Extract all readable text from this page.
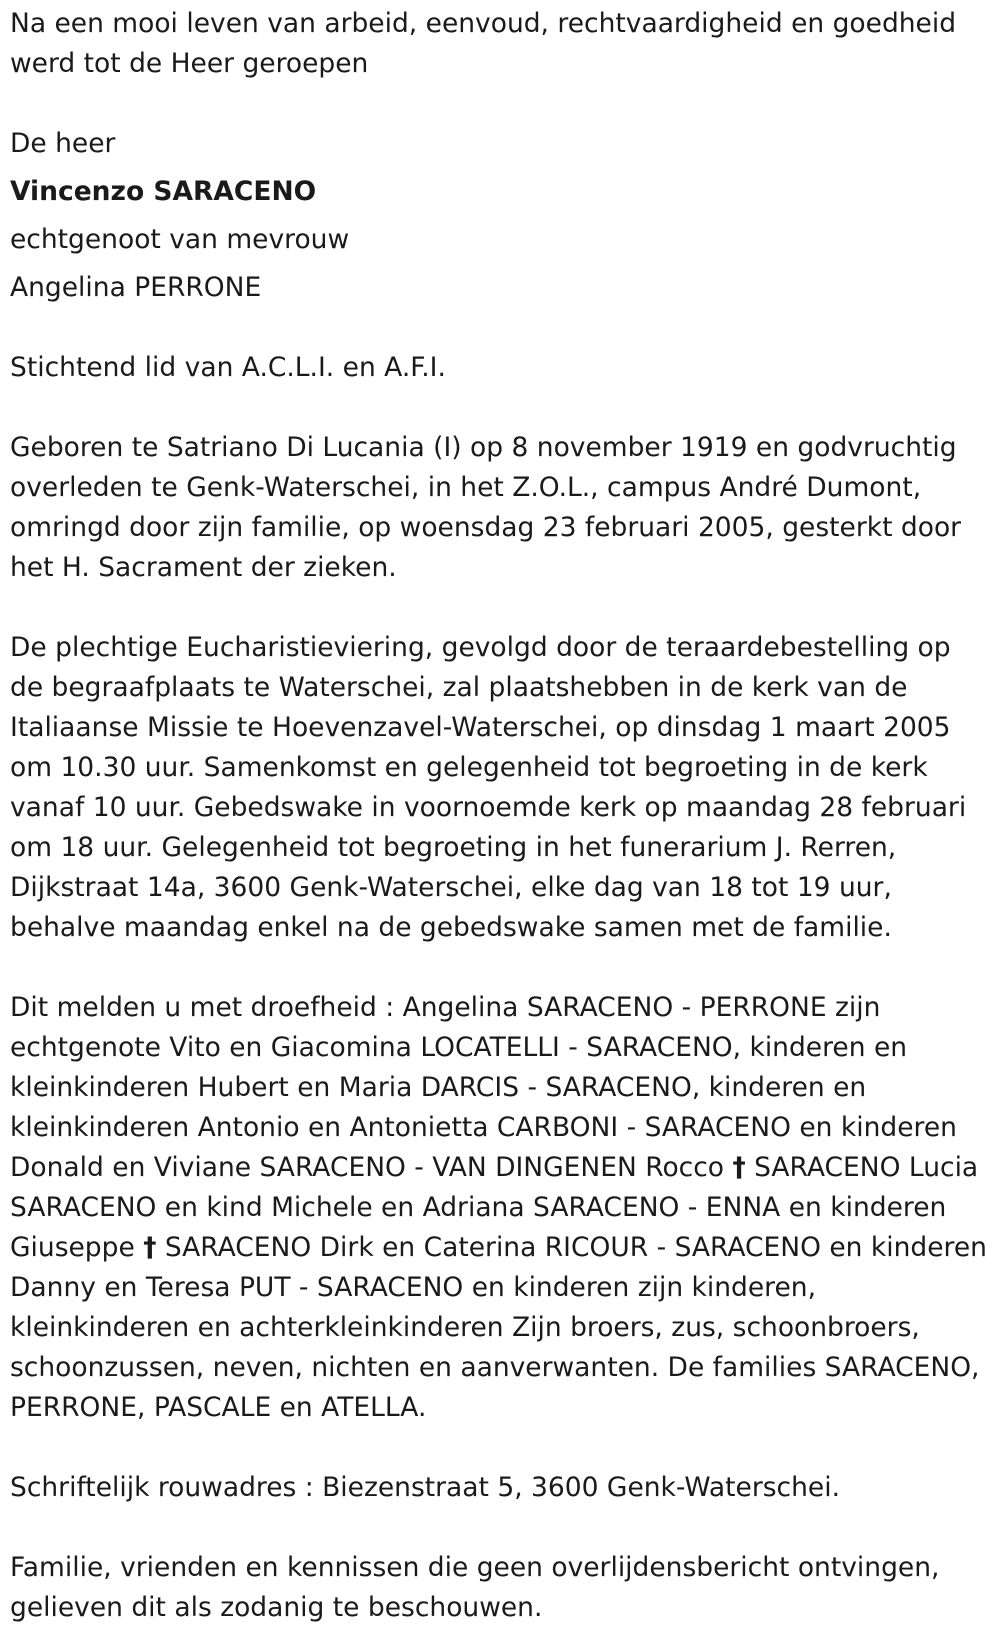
Na een mooi leven van arbeid, eenvoud, rechtvaardigheid en goedheid werd tot de Heer geroepen

De heer

Vincenzo SARACENO

echtgenoot van mevrouw

Angelina PERRONE

Stichtend lid van A.C.L.I. en A.F.I.

Geboren te Satriano Di Lucania (I) op 8 november 1919 en godvruchtig overleden te Genk-Waterschei, in het Z.O.L., campus André Dumont, omringd door zijn familie, op woensdag 23 februari 2005, gesterkt door het H. Sacrament der zieken.

De plechtige Eucharistieviering, gevolgd door de teraardebestelling op de begraafplaats te Waterschei, zal plaatshebben in de kerk van de Italiaanse Missie te Hoevenzavel-Waterschei, op dinsdag 1 maart 2005 om 10.30 uur. Samenkomst en gelegenheid tot begroeting in de kerk vanaf 10 uur. Gebedswake in voornoemde kerk op maandag 28 februari om 18 uur. Gelegenheid tot begroeting in het funerarium J. Rerren, Dijkstraat 14a, 3600 Genk-Waterschei, elke dag van 18 tot 19 uur, behalve maandag enkel na de gebedswake samen met de familie.

Dit melden u met droefheid : Angelina SARACENO - PERRONE zijn echtgenote Vito en Giacomina LOCATELLI - SARACENO, kinderen en kleinkinderen Hubert en Maria DARCIS - SARACENO, kinderen en kleinkinderen Antonio en Antonietta CARBONI - SARACENO en kinderen Donald en Viviane SARACENO - VAN DINGENEN Rocco † SARACENO Lucia SARACENO en kind Michele en Adriana SARACENO - ENNA en kinderen Giuseppe † SARACENO Dirk en Caterina RICOUR - SARACENO en kinderen Danny en Teresa PUT - SARACENO en kinderen zijn kinderen, kleinkinderen en achterkleinkinderen Zijn broers, zus, schoonbroers, schoonzussen, neven, nichten en aanverwanten. De families SARACENO, PERRONE, PASCALE en ATELLA.

Schriftelijk rouwadres : Biezenstraat 5, 3600 Genk-Waterschei.

Familie, vrienden en kennissen die geen overlijdensbericht ontvingen, gelieven dit als zodanig te beschouwen.
